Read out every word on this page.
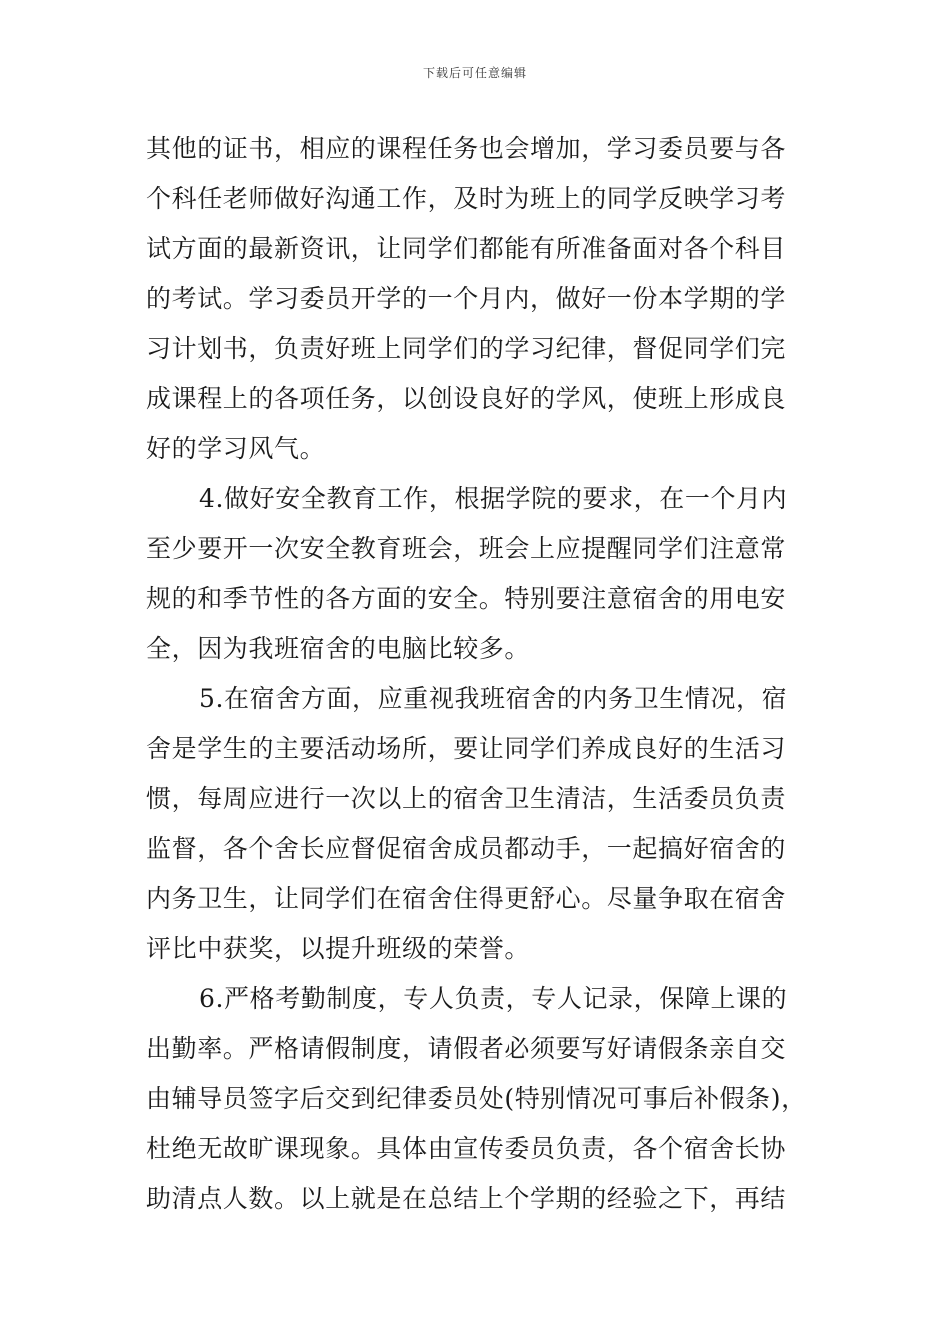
下载后可任意编辑
其他的证书，相应的课程任务也会增加，学习委员要与各
个科任老师做好沟通工作，及时为班上的同学反映学习考
试方面的最新资讯，让同学们都能有所准备面对各个科目
的考试。学习委员开学的一个月内，做好一份本学期的学
习计划书，负责好班上同学们的学习纪律，督促同学们完
成课程上的各项任务，以创设良好的学风，使班上形成良
好的学习风气。
4.做好安全教育工作，根据学院的要求，在一个月内
至少要开一次安全教育班会，班会上应提醒同学们注意常
规的和季节性的各方面的安全。特别要注意宿舍的用电安
全，因为我班宿舍的电脑比较多。
5.在宿舍方面，应重视我班宿舍的内务卫生情况，宿
舍是学生的主要活动场所，要让同学们养成良好的生活习
惯，每周应进行一次以上的宿舍卫生清洁，生活委员负责
监督，各个舍长应督促宿舍成员都动手，一起搞好宿舍的
内务卫生，让同学们在宿舍住得更舒心。尽量争取在宿舍
评比中获奖，以提升班级的荣誉。
6.严格考勤制度，专人负责，专人记录，保障上课的
出勤率。严格请假制度，请假者必须要写好请假条亲自交
由辅导员签字后交到纪律委员处(特别情况可事后补假条)，
杜绝无故旷课现象。具体由宣传委员负责，各个宿舍长协
助清点人数。以上就是在总结上个学期的经验之下，再结
